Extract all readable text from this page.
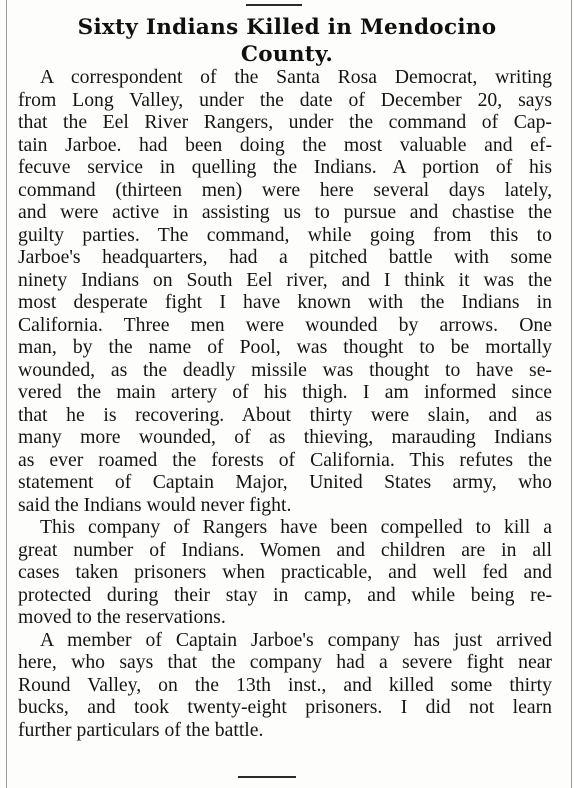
Sixty Indians Killed in Mendocino
County.
A correspondent of the Santa Rosa Democrat, writing
from Long Valley, under the date of December 20, says
that the Eel River Rangers, under the command of Cap-
tain Jarboe. had been doing the most valuable and ef-
fecuve service in quelling the Indians. A portion of his
command (thirteen men) were here several days lately,
and were active in assisting us to pursue and chastise the
guilty parties. The command, while going from this to
Jarboe's headquarters, had a pitched battle with some
ninety Indians on South Eel river, and I think it was the
most desperate fight I have known with the Indians in
California. Three men were wounded by arrows. One
man, by the name of Pool, was thought to be mortally
wounded, as the deadly missile was thought to have se-
vered the main artery of his thigh. I am informed since
that he is recovering. About thirty were slain, and as
many more wounded, of as thieving, marauding Indians
as ever roamed the forests of California. This refutes the
statement of Captain Major, United States army, who
said the Indians would never fight.
This company of Rangers have been compelled to kill a
great number of Indians. Women and children are in all
cases taken prisoners when practicable, and well fed and
protected during their stay in camp, and while being re-
moved to the reservations.
A member of Captain Jarboe's company has just arrived
here, who says that the company had a severe fight near
Round Valley, on the 13th inst., and killed some thirty
bucks, and took twenty-eight prisoners. I did not learn
further particulars of the battle.
